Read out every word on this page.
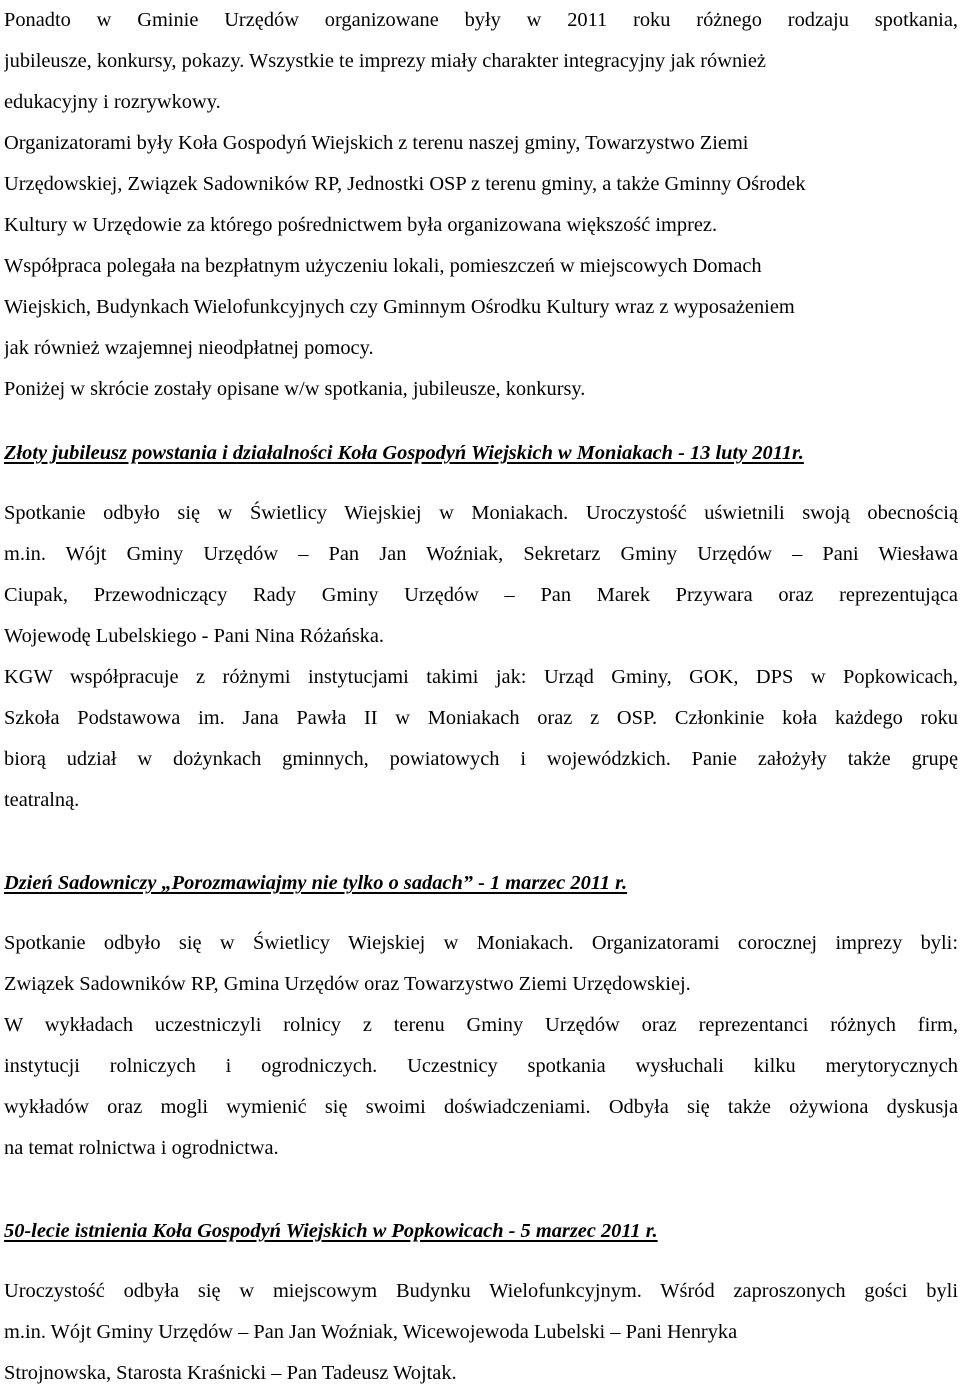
Ponadto w Gminie Urzędów organizowane były w 2011 roku różnego rodzaju spotkania,

jubileusze, konkursy, pokazy. Wszystkie te imprezy miały charakter integracyjny jak również

edukacyjny i rozrywkowy.

Organizatorami były Koła Gospodyń Wiejskich z terenu naszej gminy, Towarzystwo Ziemi

Urzędowskiej, Związek Sadowników RP, Jednostki OSP z terenu gminy, a także Gminny Ośrodek

Kultury w Urzędowie za którego pośrednictwem była organizowana większość imprez.

Współpraca polegała na bezpłatnym użyczeniu lokali, pomieszczeń w miejscowych Domach

Wiejskich, Budynkach Wielofunkcyjnych czy Gminnym Ośrodku Kultury wraz z wyposażeniem

jak również wzajemnej nieodpłatnej pomocy.

Poniżej w skrócie zostały opisane w/w spotkania, jubileusze, konkursy.

Złoty jubileusz powstania i działalności Koła Gospodyń Wiejskich w Moniakach - 13 luty 2011r.

Spotkanie odbyło się w Świetlicy Wiejskiej w Moniakach. Uroczystość uświetnili swoją obecnością

m.in. Wójt Gminy Urzędów – Pan Jan Woźniak, Sekretarz Gminy Urzędów – Pani Wiesława

Ciupak, Przewodniczący Rady Gminy Urzędów – Pan Marek Przywara oraz reprezentująca

Wojewodę Lubelskiego - Pani Nina Różańska.

KGW współpracuje z różnymi instytucjami takimi jak: Urząd Gminy, GOK, DPS w Popkowicach,

Szkoła Podstawowa im. Jana Pawła II w Moniakach oraz z OSP. Członkinie koła każdego roku

biorą udział w dożynkach gminnych, powiatowych i wojewódzkich. Panie założyły także grupę

teatralną.

Dzień Sadowniczy „Porozmawiajmy nie tylko o sadach” - 1 marzec 2011 r.

Spotkanie odbyło się w Świetlicy Wiejskiej w Moniakach. Organizatorami corocznej imprezy byli:

Związek Sadowników RP, Gmina Urzędów oraz Towarzystwo Ziemi Urzędowskiej.

W wykładach uczestniczyli rolnicy z terenu Gminy Urzędów oraz reprezentanci różnych firm,

instytucji rolniczych i ogrodniczych. Uczestnicy spotkania wysłuchali kilku merytorycznych

wykładów oraz mogli wymienić się swoimi doświadczeniami. Odbyła się także ożywiona dyskusja

na temat rolnictwa i ogrodnictwa.

50-lecie istnienia Koła Gospodyń Wiejskich w Popkowicach - 5 marzec 2011 r.

Uroczystość odbyła się w miejscowym Budynku Wielofunkcyjnym. Wśród zaproszonych gości byli

m.in. Wójt Gminy Urzędów – Pan Jan Woźniak, Wicewojewoda Lubelski – Pani Henryka

Strojnowska, Starosta Kraśnicki – Pan Tadeusz Wojtak.
